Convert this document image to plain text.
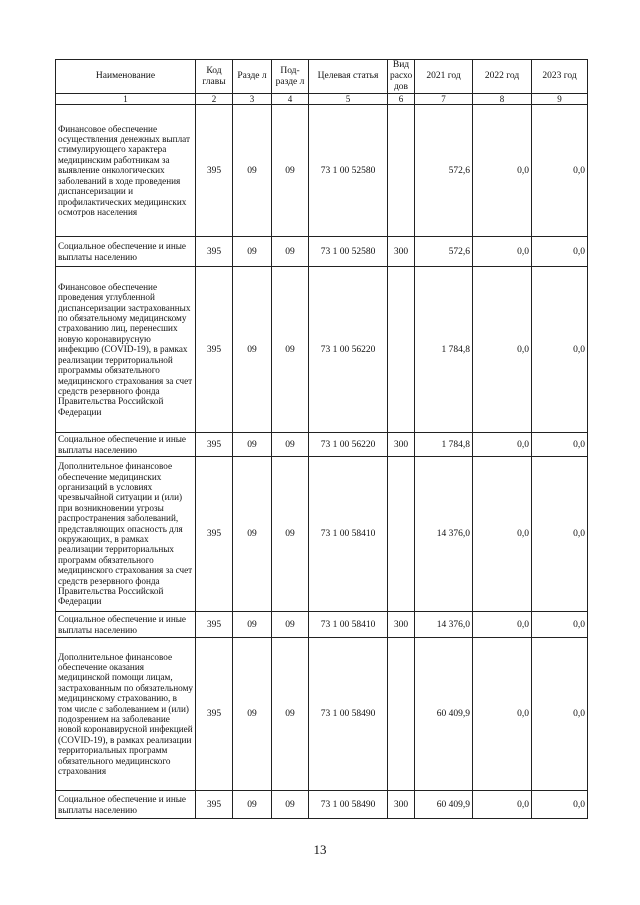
Наименование	Код главы	Разде л	Под-разде л	Целевая статья	Вид расхо дов	2021 год	2022 год	2023 год
1	2	3	4	5	6	7	8	9
Финансовое обеспечение осуществления денежных выплат стимулирующего характера медицинским работникам за выявление онкологических заболеваний в ходе проведения диспансеризации и профилактических медицинских осмотров населения	395	09	09	73 1 00 52580		572,6	0,0	0,0
Социальное обеспечение и иные выплаты населению	395	09	09	73 1 00 52580	300	572,6	0,0	0,0
Финансовое обеспечение проведения углубленной диспансеризации застрахованных по обязательному медицинскому страхованию лиц, перенесших новую коронавирусную инфекцию (COVID-19), в рамках реализации территориальной программы обязательного медицинского страхования за счет средств резервного фонда Правительства Российской Федерации	395	09	09	73 1 00 56220		1 784,8	0,0	0,0
Социальное обеспечение и иные выплаты населению	395	09	09	73 1 00 56220	300	1 784,8	0,0	0,0
Дополнительное финансовое обеспечение медицинских организаций в условиях чрезвычайной ситуации и (или) при возникновении угрозы распространения заболеваний, представляющих опасность для окружающих, в рамках реализации территориальных программ обязательного медицинского страхования за счет средств резервного фонда Правительства Российской Федерации	395	09	09	73 1 00 58410		14 376,0	0,0	0,0
Социальное обеспечение и иные выплаты населению	395	09	09	73 1 00 58410	300	14 376,0	0,0	0,0
Дополнительное финансовое обеспечение оказания медицинской помощи лицам, застрахованным по обязательному медицинскому страхованию, в том числе с заболеванием и (или) подозрением на заболевание новой коронавирусной инфекцией (COVID-19), в рамках реализации территориальных программ обязательного медицинского страхования	395	09	09	73 1 00 58490		60 409,9	0,0	0,0
Социальное обеспечение и иные выплаты населению	395	09	09	73 1 00 58490	300	60 409,9	0,0	0,0
13
